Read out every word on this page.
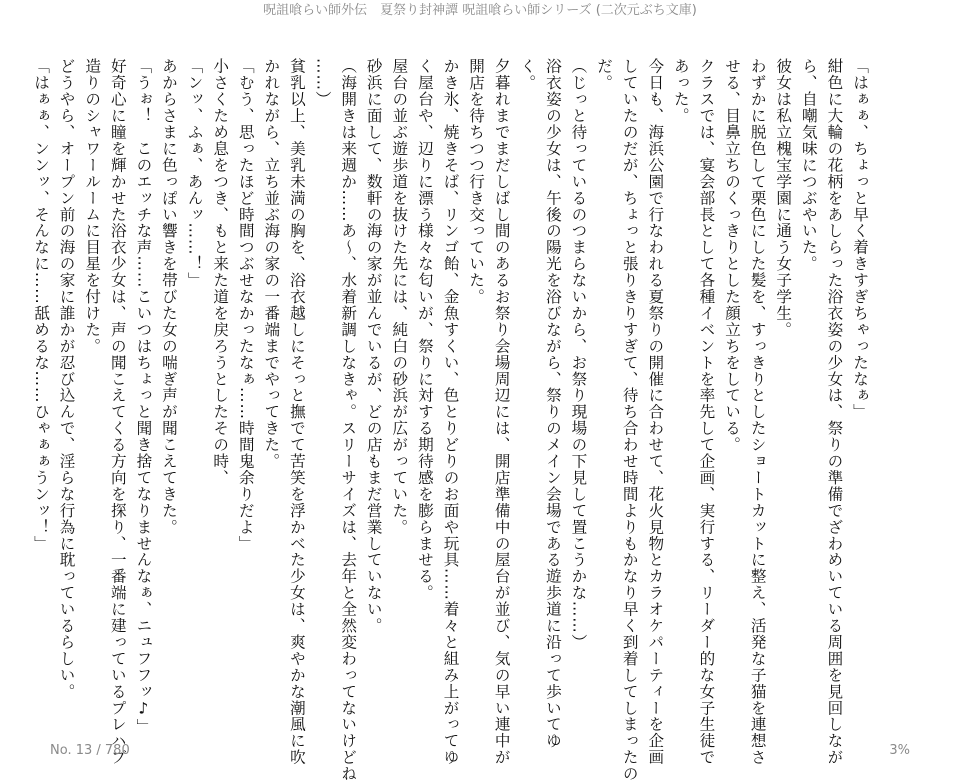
呪詛喰らい師外伝　夏祭り封神譚 呪詛喰らい師シリーズ (二次元ぶち文庫)
「はぁぁ、ちょっと早く着きすぎちゃったなぁ」
紺色に大輪の花柄をあしらった浴衣姿の少女は、祭りの準備でざわめいている周囲を見回しなが
ら、自嘲気味につぶやいた。
彼女は私立槐宝学園に通う女子学生。
わずかに脱色して栗色にした髪を、すっきりとしたショートカットに整え、活発な子猫を連想さ
せる、目鼻立ちのくっきりとした顔立ちをしている。
クラスでは、宴会部長として各種イベントを率先して企画、実行する、リーダー的な女子生徒で
あった。
今日も、海浜公園で行なわれる夏祭りの開催に合わせて、花火見物とカラオケパーティーを企画
していたのだが、ちょっと張りきりすぎて、待ち合わせ時間よりもかなり早く到着してしまったの
だ。
（じっと待っているのつまらないから、お祭り現場の下見して置こうかな……）
浴衣姿の少女は、午後の陽光を浴びながら、祭りのメイン会場である遊歩道に沿って歩いてゆ
く。
夕暮れまでまだしばし間のあるお祭り会場周辺には、開店準備中の屋台が並び、気の早い連中が
開店を待ちつつ行き交っていた。
かき氷、焼きそば、リンゴ飴、金魚すくい、色とりどりのお面や玩具……着々と組み上がってゆ
く屋台や、辺りに漂う様々な匂いが、祭りに対する期待感を膨らませる。
屋台の並ぶ遊歩道を抜けた先には、純白の砂浜が広がっていた。
砂浜に面して、数軒の海の家が並んでいるが、どの店もまだ営業していない。
（海開きは来週か……あ〜、水着新調しなきゃ。スリーサイズは、去年と全然変わってないけどね
……）
貧乳以上、美乳未満の胸を、浴衣越しにそっと撫でて苦笑を浮かべた少女は、爽やかな潮風に吹
かれながら、立ち並ぶ海の家の一番端までやってきた。
「むう、思ったほど時間つぶせなかったなぁ……時間鬼余りだよ」
小さくため息をつき、もと来た道を戻ろうとしたその時、
「ンッ、ふぁ、あんッ……！」
あからさまに色っぽい響きを帯びた女の喘ぎ声が聞こえてきた。
「うぉ！　このエッチな声……こいつはちょっと聞き捨てなりませんなぁ、ニュフフッ♪」
好奇心に瞳を輝かせた浴衣少女は、声の聞こえてくる方向を探り、一番端に建っているプレハブ
造りのシャワールームに目星を付けた。
どうやら、オープン前の海の家に誰かが忍び込んで、淫らな行為に耽っているらしい。
「はぁぁ、ンンッ、そんなに……舐めるな……ひゃぁぁうンッ！」
No. 13 / 780	3%
